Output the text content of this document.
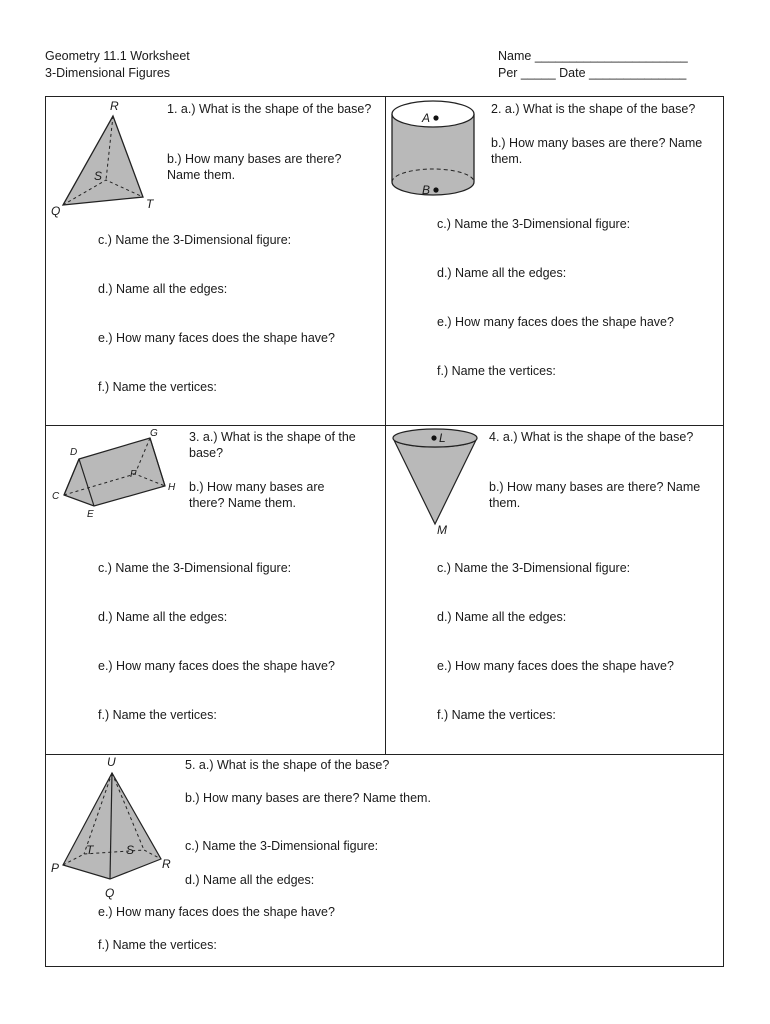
Geometry 11.1 Worksheet
3-Dimensional Figures
Name ______________________
Per _____ Date ______________
R
S
Q	T
1. a.) What is the shape of the base?
b.) How many bases are there? Name them.
c.) Name the 3-Dimensional figure:
d.) Name all the edges:
e.) How many faces does the shape have?
f.) Name the vertices:
A
B
2. a.) What is the shape of the base?
b.) How many bases are there? Name them.
c.) Name the 3-Dimensional figure:
d.) Name all the edges:
e.) How many faces does the shape have?
f.) Name the vertices:
G
D
F
H
C
E
3. a.) What is the shape of the base?
b.) How many bases are there? Name them.
c.) Name the 3-Dimensional figure:
d.) Name all the edges:
e.) How many faces does the shape have?
f.) Name the vertices:
L
M
4. a.) What is the shape of the base?
b.) How many bases are there? Name them.
c.) Name the 3-Dimensional figure:
d.) Name all the edges:
e.) How many faces does the shape have?
f.) Name the vertices:
U
T	S
P	R
Q
5. a.) What is the shape of the base?
b.) How many bases are there? Name them.
c.) Name the 3-Dimensional figure:
d.) Name all the edges:
e.) How many faces does the shape have?
f.) Name the vertices:
